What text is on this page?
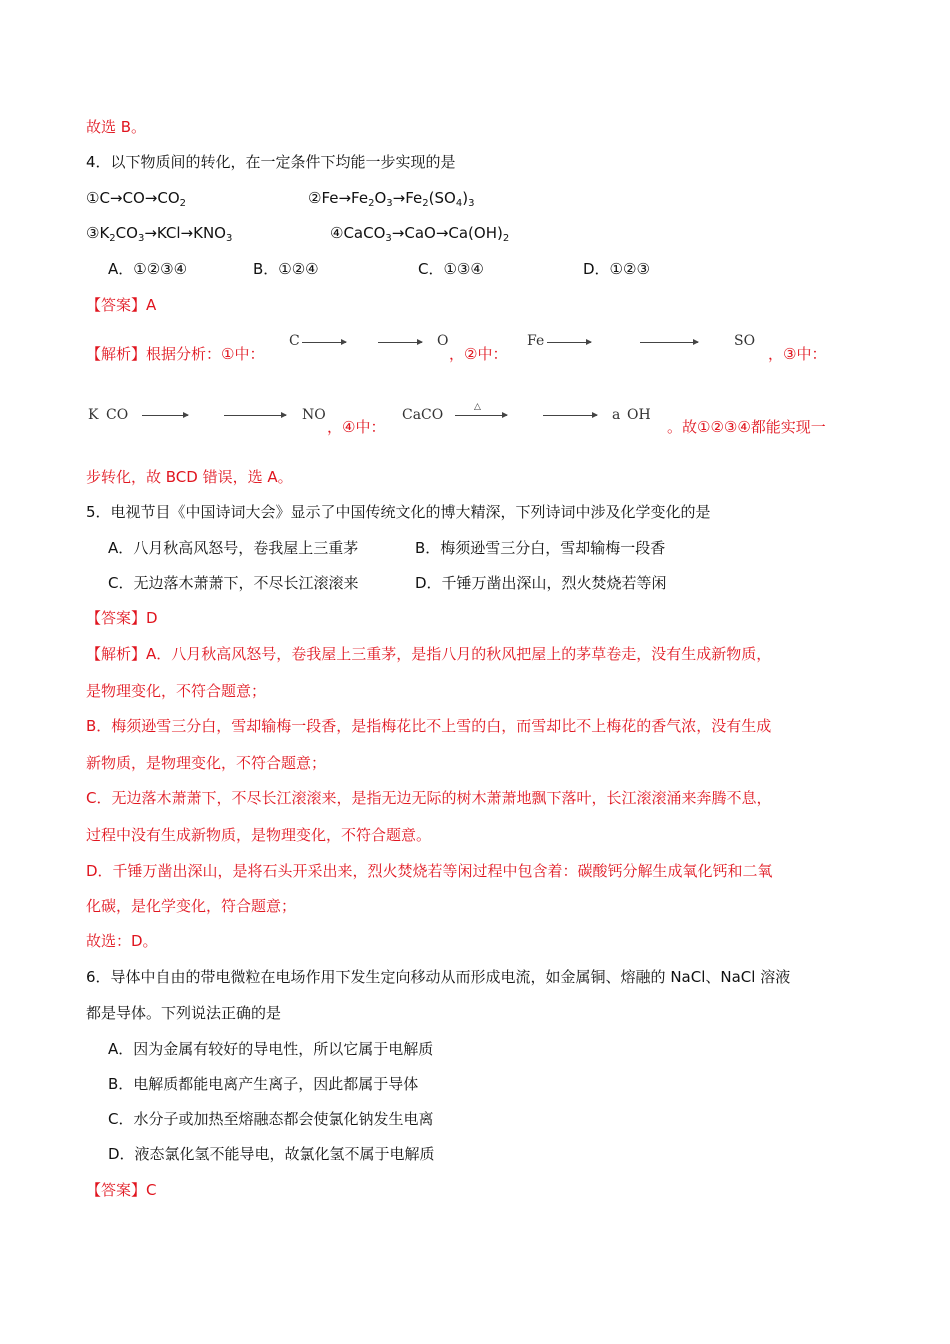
故选 B。
4．以下物质间的转化，在一定条件下均能一步实现的是
$①C\to CO\to CO_2$	$②Fe\to Fe_2O_3\to Fe_2(SO_4)_3$
$③K_2CO_3\to KCl\to KNO_3$	$④CaCO_3\to CaO\to Ca(OH)_2$
A．①②③④	B．①②④	C．①③④	D．①②③
【答案】A
【解析】根据分析：①中：
C → → O
，②中：
Fe →	SO
，③中：
K CO →	NO
，④中：
CaCO	△
→ a OH
。故①②③④都能实现一
步转化，故 BCD 错误，选 A。
5．电视节目《中国诗词大会》显示了中国传统文化的博大精深，下列诗词中涉及化学变化的是
A．八月秋高风怒号，卷我屋上三重茅	B．梅须逊雪三分白，雪却输梅一段香
C．无边落木萧萧下，不尽长江滚滚来	D．千锤万凿出深山，烈火焚烧若等闲
【答案】D
【解析】A．八月秋高风怒号，卷我屋上三重茅，是指八月的秋风把屋上的茅草卷走，没有生成新物质，
是物理变化，不符合题意；
B．梅须逊雪三分白，雪却输梅一段香，是指梅花比不上雪的白，而雪却比不上梅花的香气浓，没有生成
新物质，是物理变化，不符合题意；
C．无边落木萧萧下，不尽长江滚滚来，是指无边无际的树木萧萧地飘下落叶，长江滚滚涌来奔腾不息，
过程中没有生成新物质，是物理变化，不符合题意。
D．千锤万凿出深山，是将石头开采出来，烈火焚烧若等闲过程中包含着：碳酸钙分解生成氧化钙和二氧
化碳，是化学变化，符合题意；
故选：D。
6．导体中自由的带电微粒在电场作用下发生定向移动从而形成电流，如金属铜、熔融的 NaCl、NaCl 溶液
都是导体。下列说法正确的是
A．因为金属有较好的导电性，所以它属于电解质
B．电解质都能电离产生离子，因此都属于导体
C．水分子或加热至熔融态都会使氯化钠发生电离
D．液态氯化氢不能导电，故氯化氢不属于电解质
【答案】C
